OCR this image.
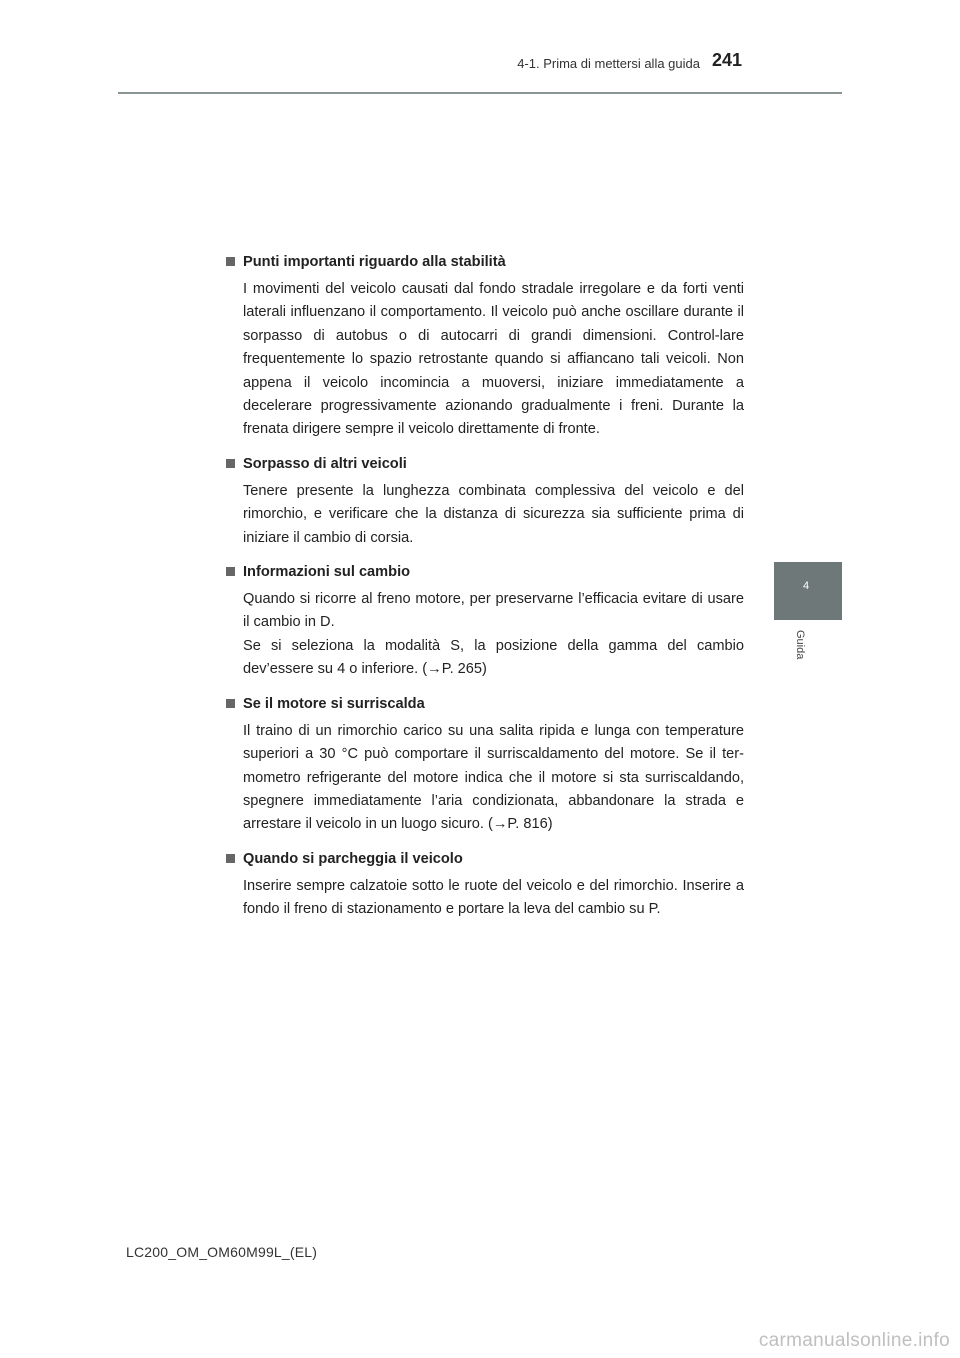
4-1. Prima di mettersi alla guida 241
4
Guida
Punti importanti riguardo alla stabilità

I movimenti del veicolo causati dal fondo stradale irregolare e da forti venti laterali influenzano il comportamento. Il veicolo può anche oscillare durante il sorpasso di autobus o di autocarri di grandi dimensioni. Control-lare frequentemente lo spazio retrostante quando si affiancano tali veicoli. Non appena il veicolo incomincia a muoversi, iniziare immediatamente a decelerare progressivamente azionando gradualmente i freni. Durante la frenata dirigere sempre il veicolo direttamente di fronte.

Sorpasso di altri veicoli

Tenere presente la lunghezza combinata complessiva del veicolo e del rimorchio, e verificare che la distanza di sicurezza sia sufficiente prima di iniziare il cambio di corsia.

Informazioni sul cambio

Quando si ricorre al freno motore, per preservarne l’efficacia evitare di usare il cambio in D.

Se si seleziona la modalità S, la posizione della gamma del cambio dev’essere su 4 o inferiore. (→P. 265)

Se il motore si surriscalda

Il traino di un rimorchio carico su una salita ripida e lunga con temperature superiori a 30 °C può comportare il surriscaldamento del motore. Se il ter-mometro refrigerante del motore indica che il motore si sta surriscaldando, spegnere immediatamente l’aria condizionata, abbandonare la strada e arrestare il veicolo in un luogo sicuro. (→P. 816)

Quando si parcheggia il veicolo

Inserire sempre calzatoie sotto le ruote del veicolo e del rimorchio. Inserire a fondo il freno di stazionamento e portare la leva del cambio su P.

LC200_OM_OM60M99L_(EL)
carmanualsonline.info
